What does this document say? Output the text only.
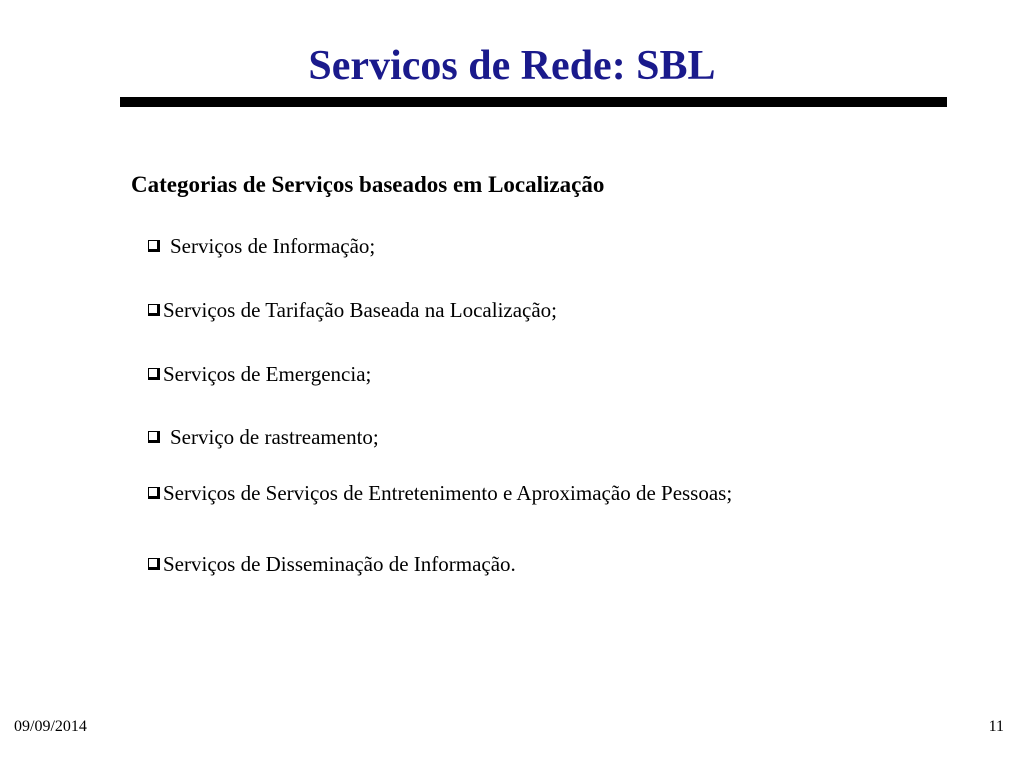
Servicos de Rede: SBL
Categorias de Serviços baseados em Localização
Serviços de Informação;
Serviços de Tarifação Baseada na Localização;
Serviços de Emergencia;
Serviço de rastreamento;
Serviços de Serviços de Entretenimento e Aproximação de Pessoas;
Serviços de Disseminação de Informação.
09/09/2014	11
